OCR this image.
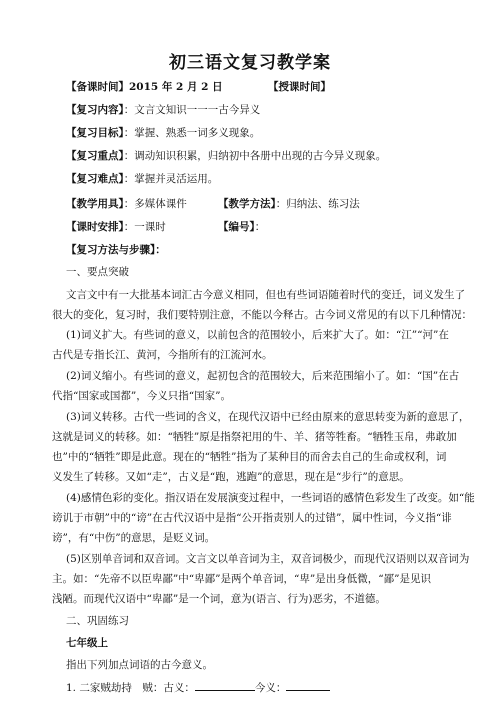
初三语文复习教学案
【备课时间】2015 年 2 月 2 日	【授课时间】
【复习内容】：文言文知识一一一古今异义
【复习目标】：掌握、熟悉一词多义现象。
【复习重点】：调动知识积累，归纳初中各册中出现的古今异义现象。
【复习难点】：掌握并灵活运用。
【教学用具】：多媒体课件	【教学方法】：归纳法、练习法
【课时安排】：一课时	【编号】：
【复习方法与步骤】：
一、要点突破
文言文中有一大批基本词汇古今意义相同，但也有些词语随着时代的变迁，词义发生了
很大的变化，复习时，我们要特别注意，不能以今释古。古今词义常见的有以下几种情况：
(1)词义扩大。有些词的意义，以前包含的范围较小，后来扩大了。如：“江”“河”在
古代是专指长江、黄河，今指所有的江流河水。
(2)词义缩小。有些词的意义，起初包含的范围较大，后来范围缩小了。如：“国”在古
代指“国家或国都”，今义只指“国家”。
(3)词义转移。古代一些词的含义，在现代汉语中已经由原来的意思转变为新的意思了，
这就是词义的转移。如：“牺牲”原是指祭祀用的牛、羊、猪等牲畜。“牺牲玉帛，弗敢加
也”中的“牺牲”即是此意。现在的“牺牲”指为了某种目的而舍去自己的生命或权利，词
义发生了转移。又如“走”，古义是“跑，逃跑”的意思，现在是“步行”的意思。
(4)感情色彩的变化。指汉语在发展演变过程中，一些词语的感情色彩发生了改变。如“能
谤讥于市朝”中的“谤”在古代汉语中是指“公开指责别人的过错”，属中性词，今义指“诽
谤”，有“中伤”的意思，是贬义词。
(5)区别单音词和双音词。文言文以单音词为主，双音词极少，而现代汉语则以双音词为
主。如：“先帝不以臣卑鄙”中“卑鄙”是两个单音词，“卑”是出身低微，“鄙”是见识
浅陋。而现代汉语中“卑鄙”是一个词，意为(语言、行为)恶劣，不道德。
二、巩固练习
七年级上
指出下列加点词语的古今意义。
1. 二家贼劫持　贼：古义：	今义：
